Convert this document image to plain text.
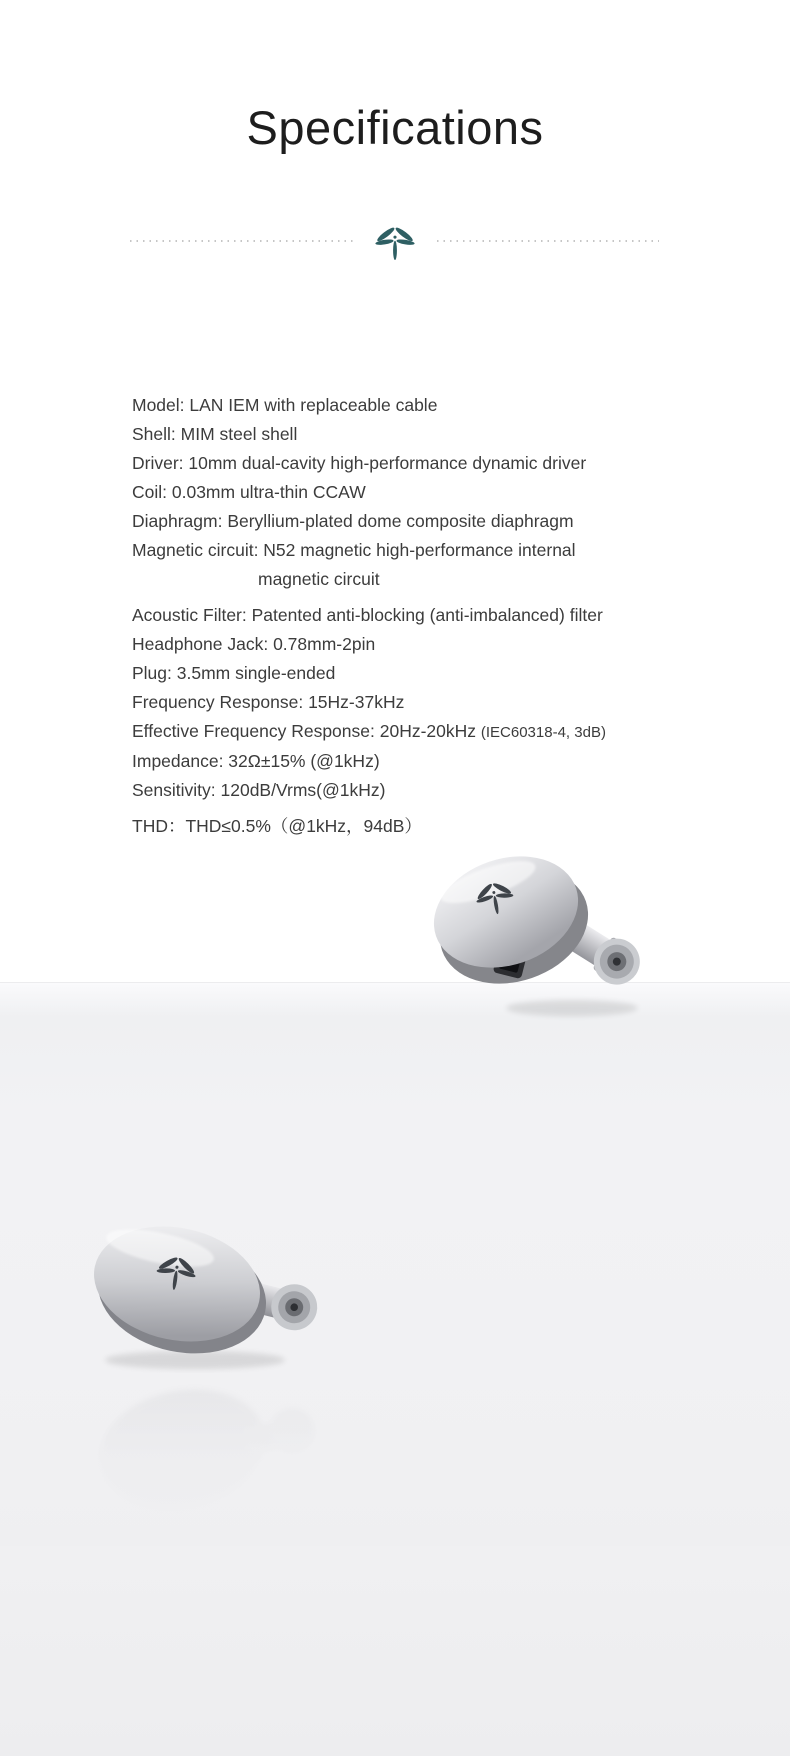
Specifications
Model: LAN IEM with replaceable cable
Shell: MIM steel shell
Driver: 10mm dual-cavity high-performance dynamic driver
Coil: 0.03mm ultra-thin CCAW
Diaphragm: Beryllium-plated dome composite diaphragm
Magnetic circuit: N52 magnetic high-performance internal
magnetic circuit
Acoustic Filter: Patented anti-blocking (anti-imbalanced) filter
Headphone Jack: 0.78mm-2pin
Plug: 3.5mm single-ended
Frequency Response: 15Hz-37kHz
Effective Frequency Response: 20Hz-20kHz (IEC60318-4, 3dB)
Impedance: 32Ω±15% (@1kHz)
Sensitivity: 120dB/Vrms(@1kHz)
THD：THD≤0.5%（@1kHz，94dB）
